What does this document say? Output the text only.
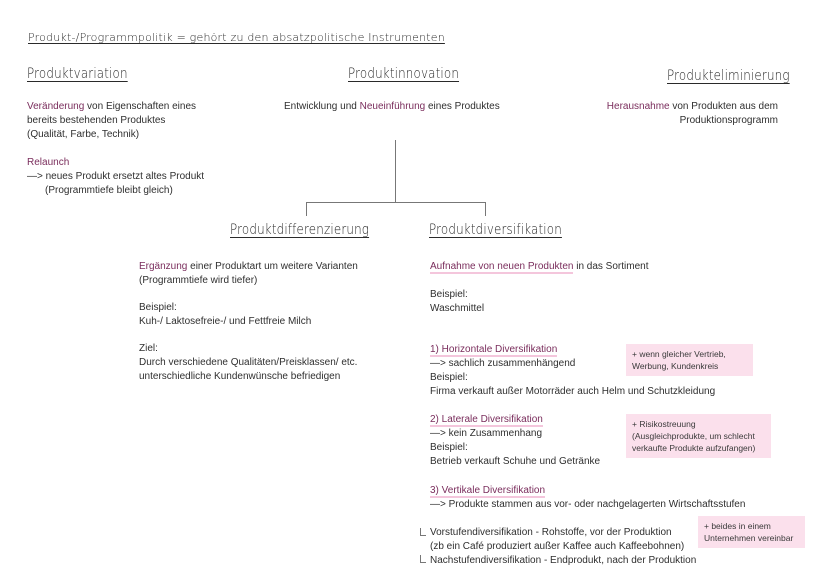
Produkt-/Programmpolitik = gehört zu den absatzpolitische Instrumenten
Produktvariation
Veränderung von Eigenschaften eines
bereits bestehenden Produktes
(Qualität, Farbe, Technik)
Relaunch
—> neues Produkt ersetzt altes Produkt
(Programmtiefe bleibt gleich)
Produktinnovation
Entwicklung und Neueinführung eines Produktes
Produkteliminierung
Herausnahme von Produkten aus dem
Produktionsprogramm
Produktdifferenzierung
Ergänzung einer Produktart um weitere Varianten
(Programmtiefe wird tiefer)
Beispiel:
Kuh-/ Laktosefreie-/ und Fettfreie Milch
Ziel:
Durch verschiedene Qualitäten/Preisklassen/ etc.
unterschiedliche Kundenwünsche befriedigen
Produktdiversifikation
Aufnahme von neuen Produkten in das Sortiment
Beispiel:
Waschmittel
1) Horizontale Diversifikation
—> sachlich zusammenhängend
Beispiel:
Firma verkauft außer Motorräder auch Helm und Schutzkleidung
+ wenn gleicher Vertrieb, Werbung, Kundenkreis
2) Laterale Diversifikation
—> kein Zusammenhang
Beispiel:
Betrieb verkauft Schuhe und Getränke
+ Risikostreuung
(Ausgleichprodukte, um schlecht verkaufte Produkte aufzufangen)
3) Vertikale Diversifikation
—> Produkte stammen aus vor- oder nachgelagerten Wirtschaftsstufen
Vorstufendiversifikation - Rohstoffe, vor der Produktion
(zb ein Café produziert außer Kaffee auch Kaffeebohnen)
Nachstufendiversifikation - Endprodukt, nach der Produktion
+ beides in einem Unternehmen vereinbar
